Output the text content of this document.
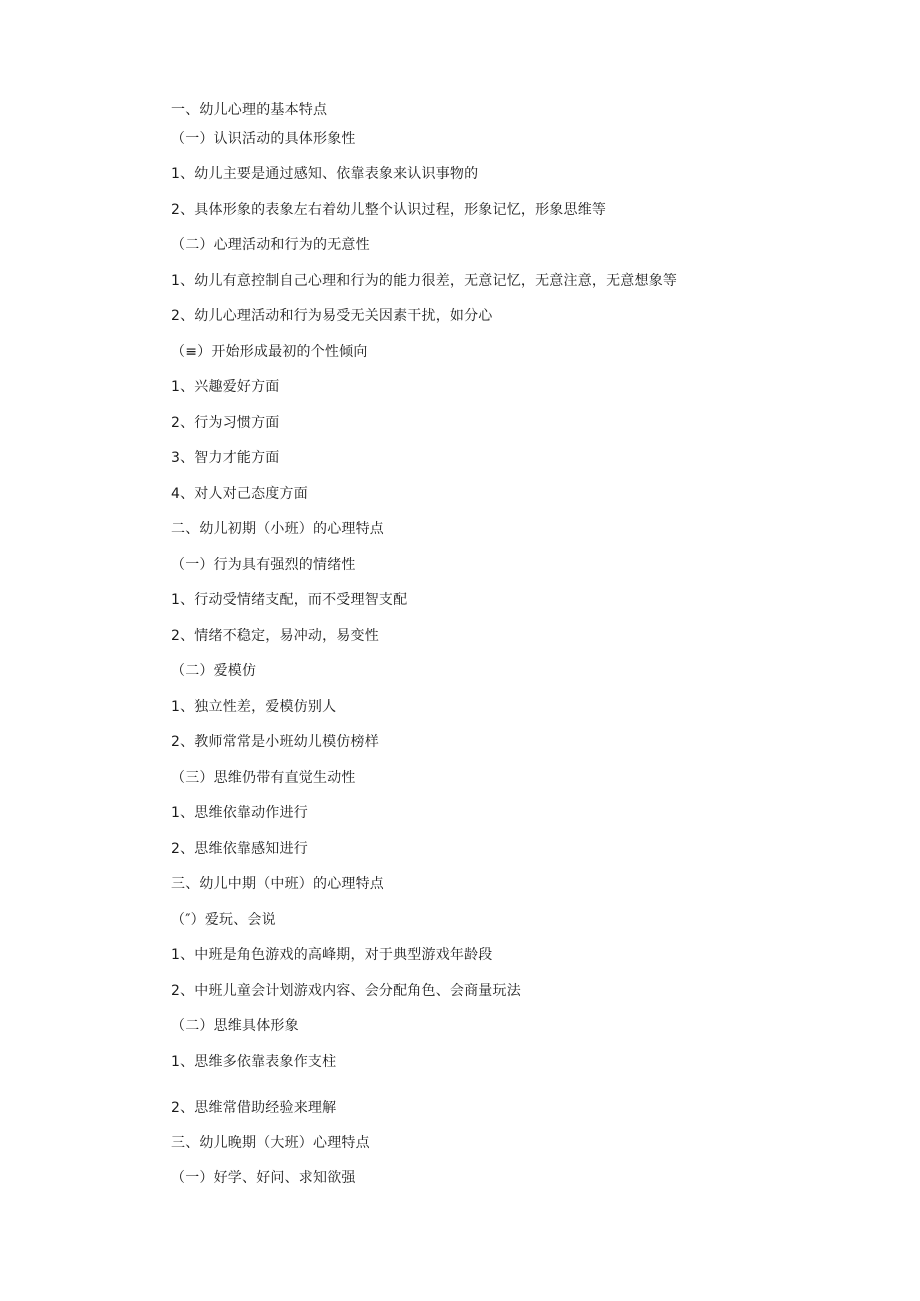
一、幼儿心理的基本特点
（一）认识活动的具体形象性
1、幼儿主要是通过感知、依靠表象来认识事物的
2、具体形象的表象左右着幼儿整个认识过程，形象记忆，形象思维等
（二）心理活动和行为的无意性
1、幼儿有意控制自己心理和行为的能力很差，无意记忆，无意注意，无意想象等
2、幼儿心理活动和行为易受无关因素干扰，如分心
（≡）开始形成最初的个性倾向
1、兴趣爱好方面
2、行为习惯方面
3、智力才能方面
4、对人对己态度方面
二、幼儿初期（小班）的心理特点
（一）行为具有强烈的情绪性
1、行动受情绪支配，而不受理智支配
2、情绪不稳定，易冲动，易变性
（二）爱模仿
1、独立性差，爱模仿别人
2、教师常常是小班幼儿模仿榜样
（三）思维仍带有直觉生动性
1、思维依靠动作进行
2、思维依靠感知进行
三、幼儿中期（中班）的心理特点
（″）爱玩、会说
1、中班是角色游戏的高峰期，对于典型游戏年龄段
2、中班儿童会计划游戏内容、会分配角色、会商量玩法
（二）思维具体形象
1、思维多依靠表象作支柱
2、思维常借助经验来理解
三、幼儿晚期（大班）心理特点
（一）好学、好问、求知欲强
